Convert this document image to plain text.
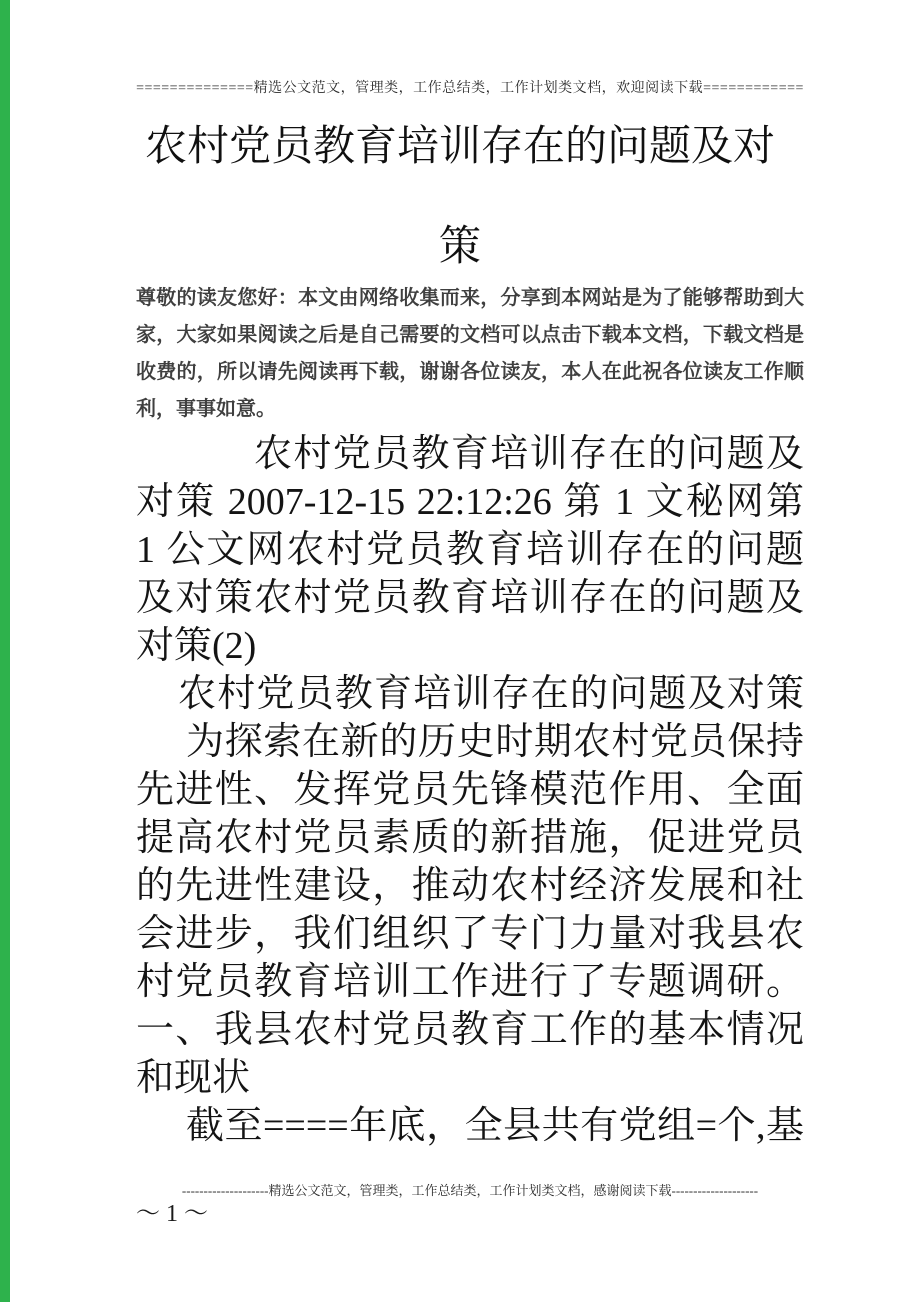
==============精选公文范文，管理类，工作总结类，工作计划类文档，欢迎阅读下载============
农村党员教育培训存在的问题及对
策
尊敬的读友您好：本文由网络收集而来，分享到本网站是为了能够帮助到大
家，大家如果阅读之后是自己需要的文档可以点击下载本文档，下载文档是
收费的，所以请先阅读再下载，谢谢各位读友，本人在此祝各位读友工作顺
利，事事如意。
农村党员教育培训存在的问题及
对策 2007-12-15 22:12:26 第 1 文秘网第
1 公文网农村党员教育培训存在的问题
及对策农村党员教育培训存在的问题及
对策(2)
农村党员教育培训存在的问题及对策
为探索在新的历史时期农村党员保持
先进性、发挥党员先锋模范作用、全面
提高农村党员素质的新措施，促进党员
的先进性建设，推动农村经济发展和社
会进步，我们组织了专门力量对我县农
村党员教育培训工作进行了专题调研。
一、我县农村党员教育工作的基本情况
和现状
截至====年底，全县共有党组=个,基
--------------------精选公文范文，管理类，工作总结类，工作计划类文档，感谢阅读下载--------------------
～ 1 ～
